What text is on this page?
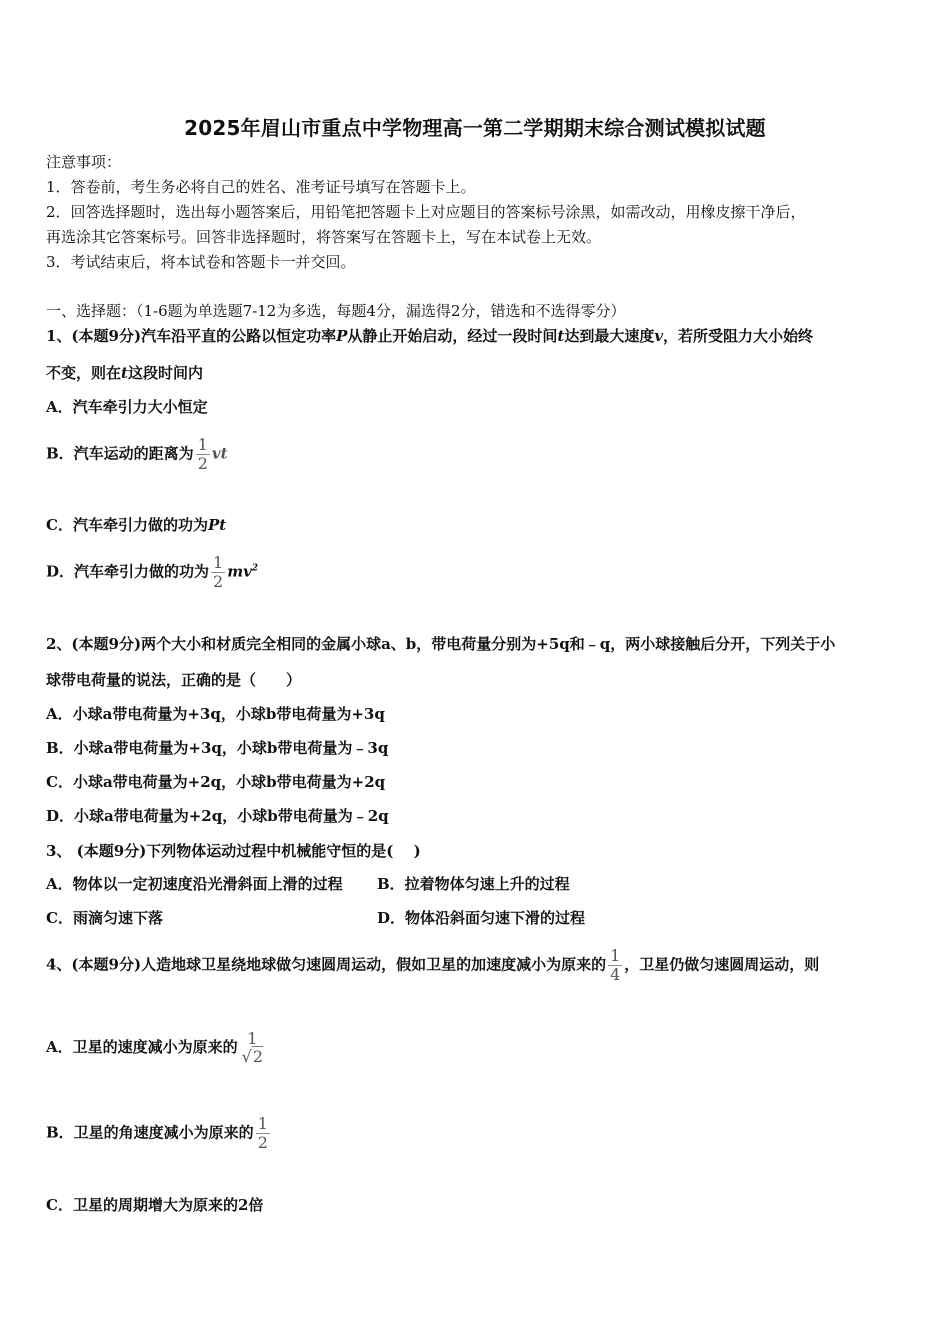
2025年眉山市重点中学物理高一第二学期期末综合测试模拟试题
注意事项：
1．答卷前，考生务必将自己的姓名、准考证号填写在答题卡上。
2．回答选择题时，选出每小题答案后，用铅笔把答题卡上对应题目的答案标号涂黑，如需改动，用橡皮擦干净后，
再选涂其它答案标号。回答非选择题时，将答案写在答题卡上，写在本试卷上无效。
3．考试结束后，将本试卷和答题卡一并交回。
一、选择题：（1-6题为单选题7-12为多选，每题4分，漏选得2分，错选和不选得零分）
1、(本题9分)汽车沿平直的公路以恒定功率P从静止开始启动，经过一段时间t达到最大速度v，若所受阻力大小始终
不变，则在t这段时间内
A．汽车牵引力大小恒定
B．汽车运动的距离为 $\frac{1}{2}$ vt
C．汽车牵引力做的功为Pt
D．汽车牵引力做的功为 $\frac{1}{2} mv^2$
2、(本题9分)两个大小和材质完全相同的金属小球a、b，带电荷量分别为+5q和﹣q，两小球接触后分开，下列关于小
球带电荷量的说法，正确的是（　　）
A．小球a带电荷量为+3q，小球b带电荷量为+3q
B．小球a带电荷量为+3q，小球b带电荷量为﹣3q
C．小球a带电荷量为+2q，小球b带电荷量为+2q
D．小球a带电荷量为+2q，小球b带电荷量为﹣2q
3、 (本题9分)下列物体运动过程中机械能守恒的是(　 )
A．物体以一定初速度沿光滑斜面上滑的过程 B．拉着物体匀速上升的过程
C．雨滴匀速下落	D．物体沿斜面匀速下滑的过程
4、(本题9分)人造地球卫星绕地球做匀速圆周运动，假如卫星的加速度减小为原来的 $\frac{1}{4}$ ，卫星仍做匀速圆周运动，则
A．卫星的速度减小为原来的 1
√2
B．卫星的角速度减小为原来的 $\frac{1}{2}$
C．卫星的周期增大为原来的2倍
